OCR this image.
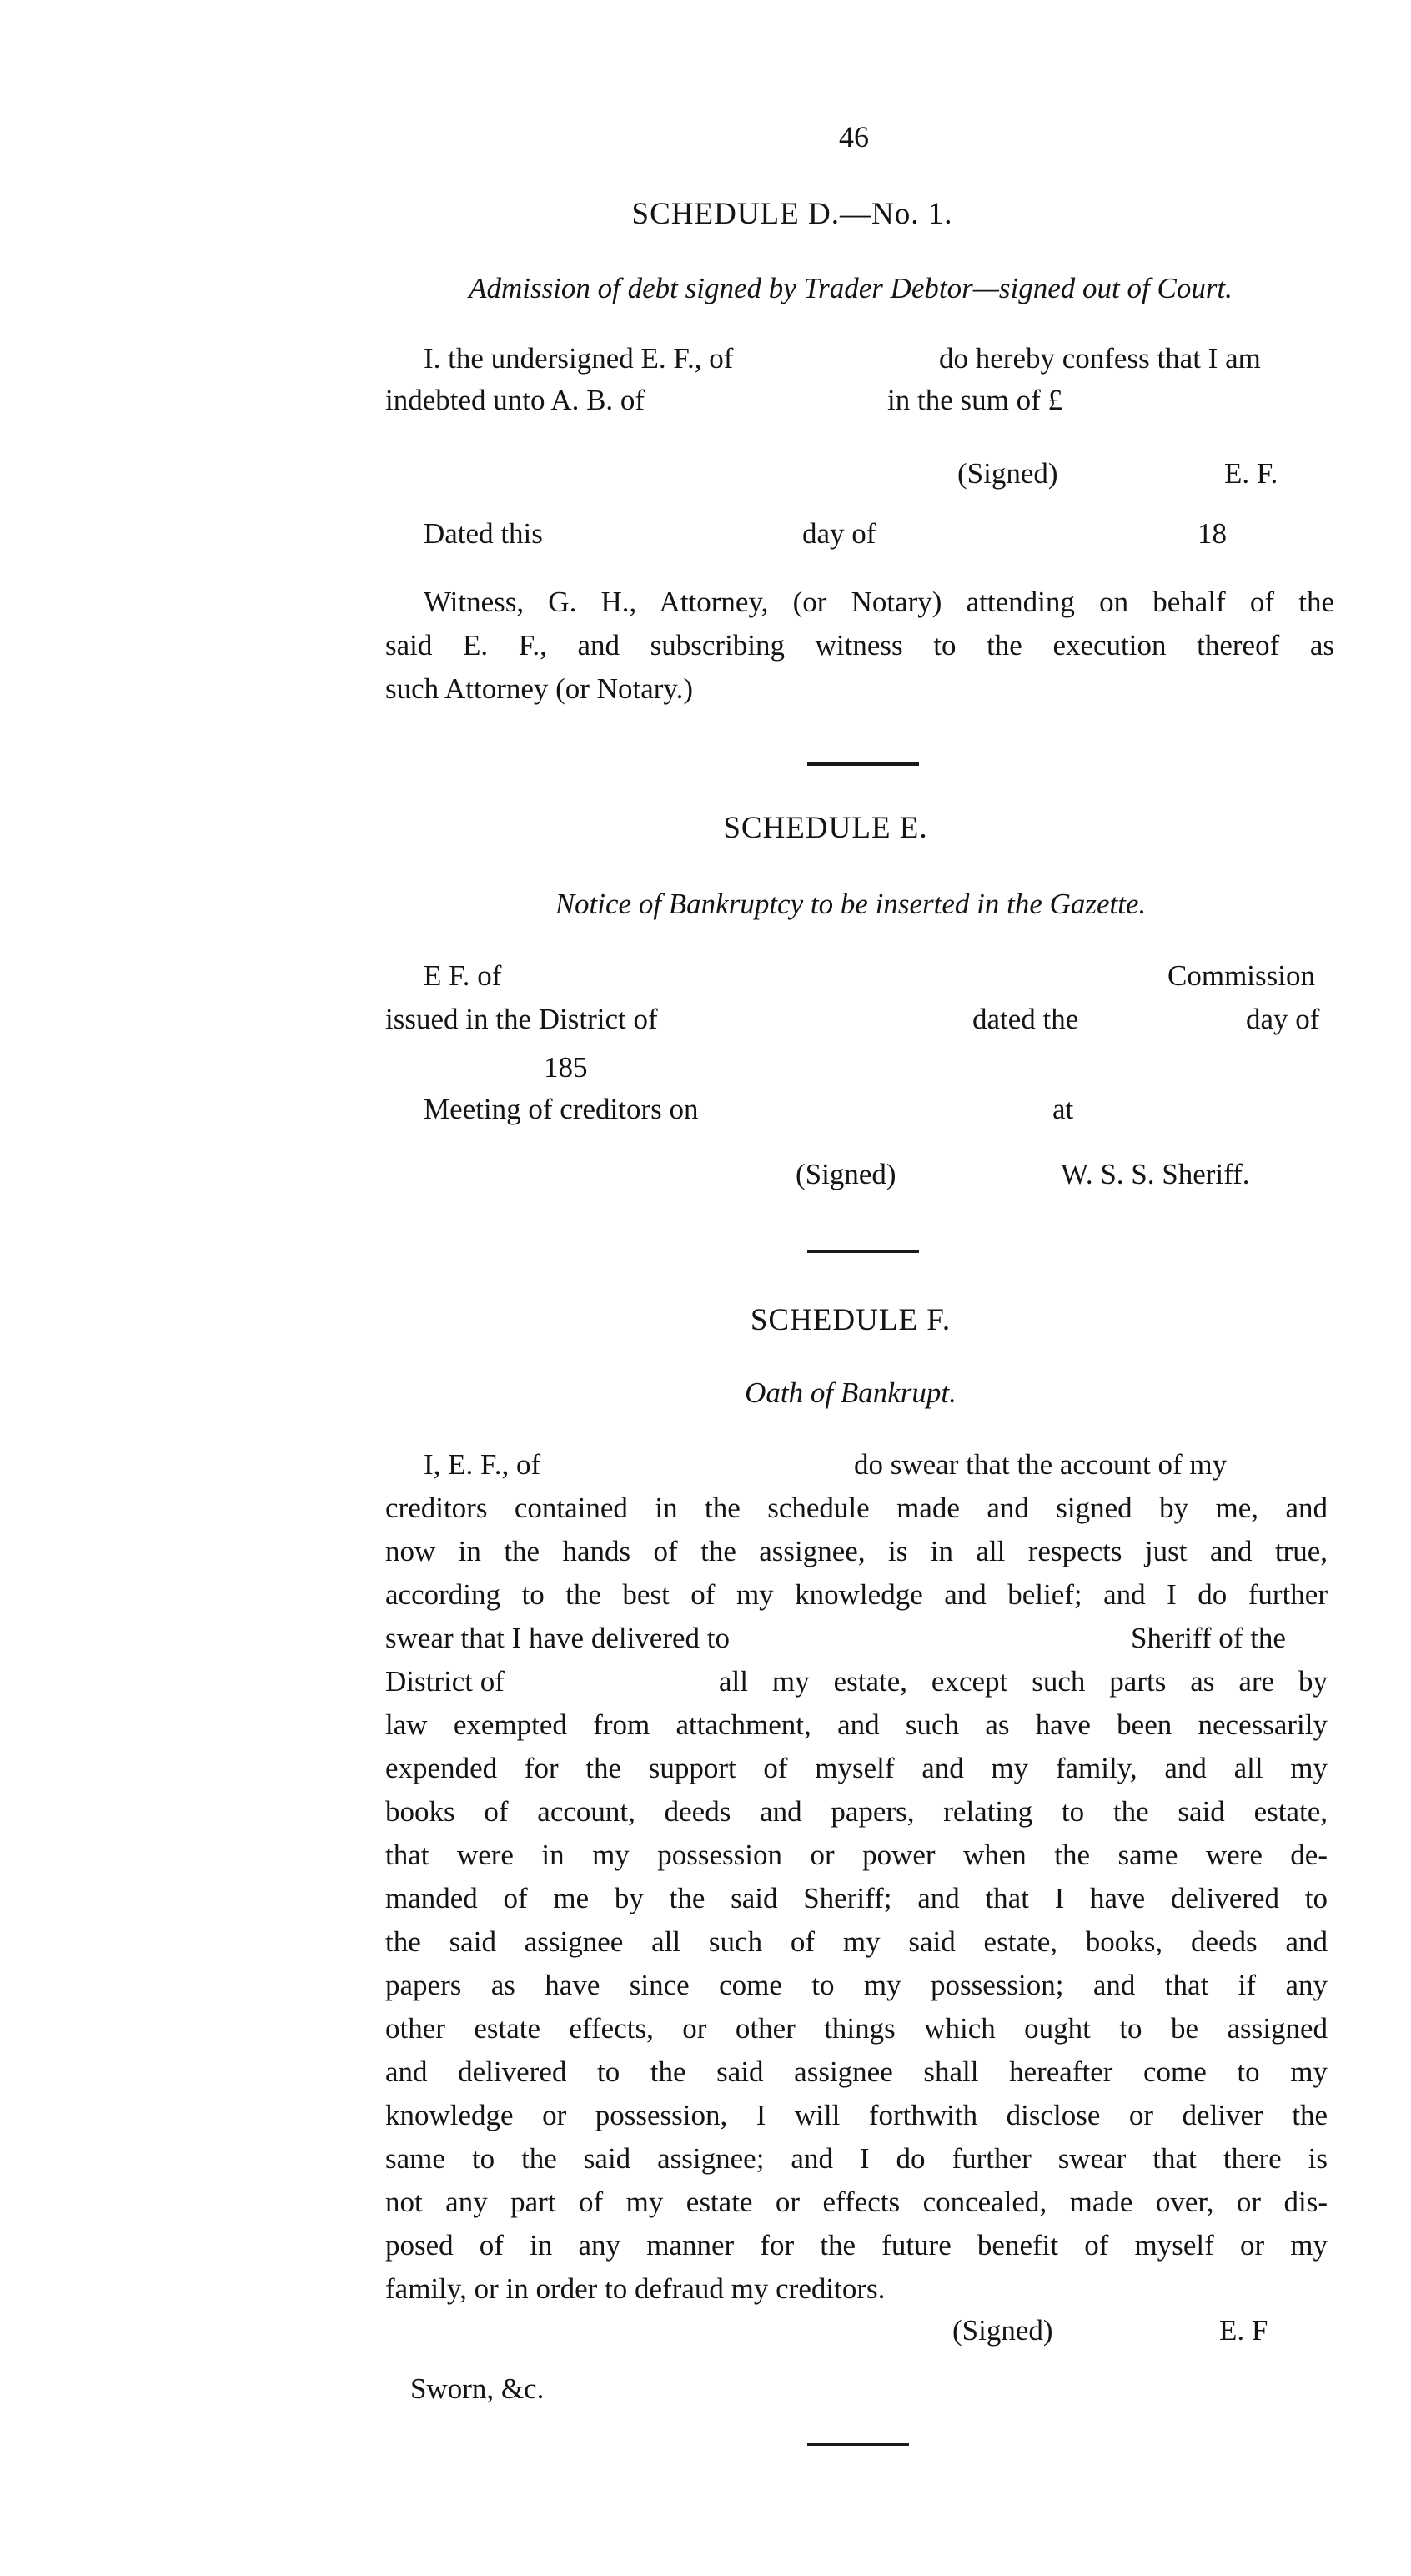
46
SCHEDULE D.—No. 1.
Admission of debt signed by Trader Debtor—signed out of Court.
I. the undersigned E. F., of	do hereby confess that I am
indebted unto A. B. of	in the sum of £
(Signed)	E. F.
Dated this	day of	18
Witness, G. H., Attorney, (or Notary) attending on behalf of the
said E. F., and subscribing witness to the execution thereof as
such Attorney (or Notary.)
SCHEDULE E.
Notice of Bankruptcy to be inserted in the Gazette.
E F. of	Commission
issued in the District of	dated the	day of
185
Meeting of creditors on	at
(Signed)	W. S. S. Sheriff.
SCHEDULE F.
Oath of Bankrupt.
I, E. F., of	do swear that the account of my
creditors contained in the schedule made and signed by me, and
now in the hands of the assignee, is in all respects just and true,
according to the best of my knowledge and belief; and I do further
swear that I have delivered to	Sheriff of the
District of	all my estate, except such parts as are by
law exempted from attachment, and such as have been necessarily
expended for the support of myself and my family, and all my
books of account, deeds and papers, relating to the said estate,
that were in my possession or power when the same were de-
manded of me by the said Sheriff; and that I have delivered to
the said assignee all such of my said estate, books, deeds and
papers as have since come to my possession; and that if any
other estate effects, or other things which ought to be assigned
and delivered to the said assignee shall hereafter come to my
knowledge or possession, I will forthwith disclose or deliver the
same to the said assignee; and I do further swear that there is
not any part of my estate or effects concealed, made over, or dis-
posed of in any manner for the future benefit of myself or my
family, or in order to defraud my creditors.
(Signed)	E. F
Sworn, &c.
